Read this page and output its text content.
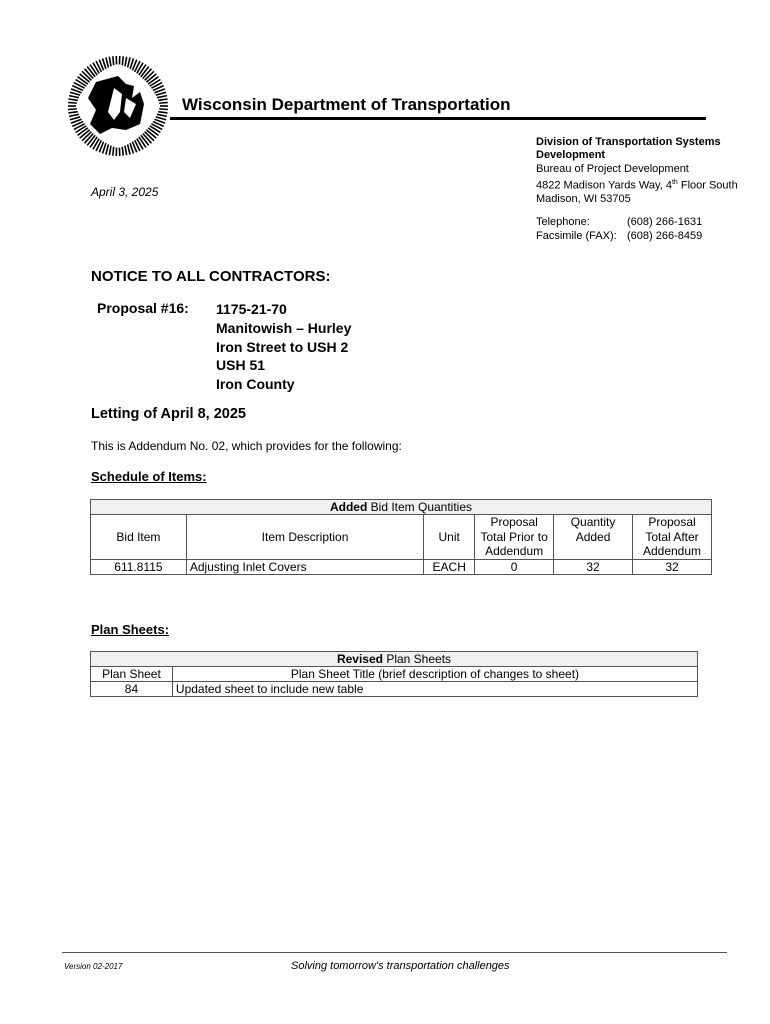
Wisconsin Department of Transportation
Division of Transportation Systems
Development
Bureau of Project Development
4822 Madison Yards Way, 4th Floor South
Madison, WI 53705
Telephone:	(608) 266-1631
Facsimile (FAX): (608) 266-8459
April 3, 2025
NOTICE TO ALL CONTRACTORS:
Proposal #16: 1175-21-70
Manitowish – Hurley
Iron Street to USH 2
USH 51
Iron County
Letting of April 8, 2025
This is Addendum No. 02, which provides for the following:
Schedule of Items:
Added Bid Item Quantities					
Bid Item	Item Description	Unit	Proposal Total Prior to Addendum	Quantity Added	Proposal Total After Addendum
611.8115	Adjusting Inlet Covers	EACH	0	32	32
Plan Sheets:
Revised Plan Sheets	
Plan Sheet	Plan Sheet Title (brief description of changes to sheet)
84	Updated sheet to include new table
Version 02-2017	Solving tomorrow's transportation challenges
